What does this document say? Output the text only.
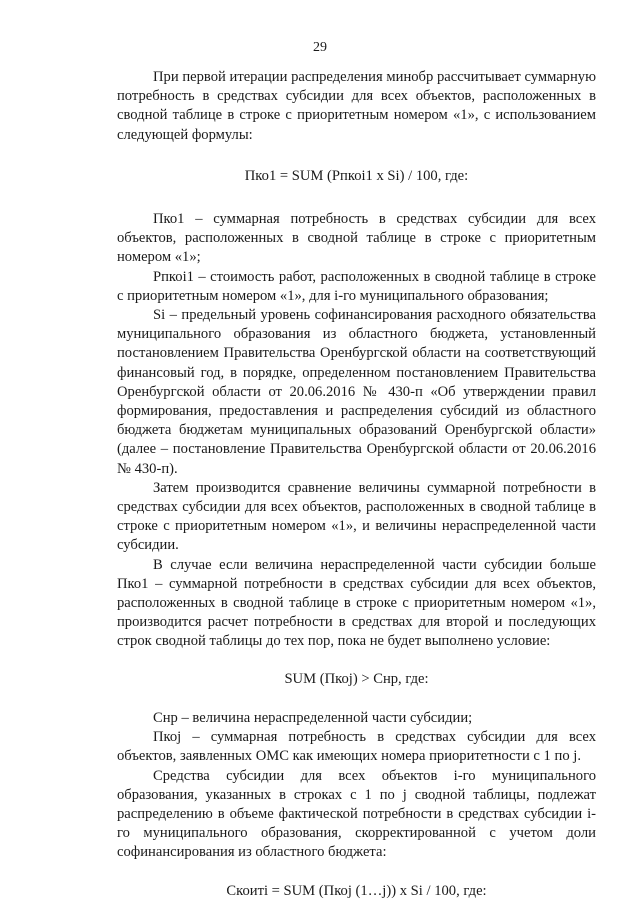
29

При первой итерации распределения минобр рассчитывает суммарную потребность в средствах субсидии для всех объектов, расположенных в сводной таблице в строке с приоритетным номером «1», с использованием следующей формулы:

Пко1 = SUM (Рпкоi1 x Si) / 100, где:

Пко1 – суммарная потребность в средствах субсидии для всех объектов, расположенных в сводной таблице в строке с приоритетным номером «1»;

Рпкоi1 – стоимость работ, расположенных в сводной таблице в строке с приоритетным номером «1», для i-го муниципального образования;

Si – предельный уровень софинансирования расходного обязательства муниципального образования из областного бюджета, установленный постановлением Правительства Оренбургской области на соответствующий финансовый год, в порядке, определенном постановлением Правительства Оренбургской области от 20.06.2016 № 430-п «Об утверждении правил формирования, предоставления и распределения субсидий из областного бюджета бюджетам муниципальных образований Оренбургской области» (далее – постановление Правительства Оренбургской области от 20.06.2016 № 430-п).

Затем производится сравнение величины суммарной потребности в средствах субсидии для всех объектов, расположенных в сводной таблице в строке с приоритетным номером «1», и величины нераспределенной части субсидии.

В случае если величина нераспределенной части субсидии больше Пко1 – суммарной потребности в средствах субсидии для всех объектов, расположенных в сводной таблице в строке с приоритетным номером «1», производится расчет потребности в средствах для второй и последующих строк сводной таблицы до тех пор, пока не будет выполнено условие:

SUM (Пкоj) > Снр, где:

Снр – величина нераспределенной части субсидии;

Пкоj – суммарная потребность в средствах субсидии для всех объектов, заявленных ОМС как имеющих номера приоритетности с 1 по j.

Средства субсидии для всех объектов i-го муниципального образования, указанных в строках с 1 по j сводной таблицы, подлежат распределению в объеме фактической потребности в средствах субсидии i-го муниципального образования, скорректированной с учетом доли софинансирования из областного бюджета:

Скоитi = SUM (Пкоj (1…j)) x Si / 100, где:
